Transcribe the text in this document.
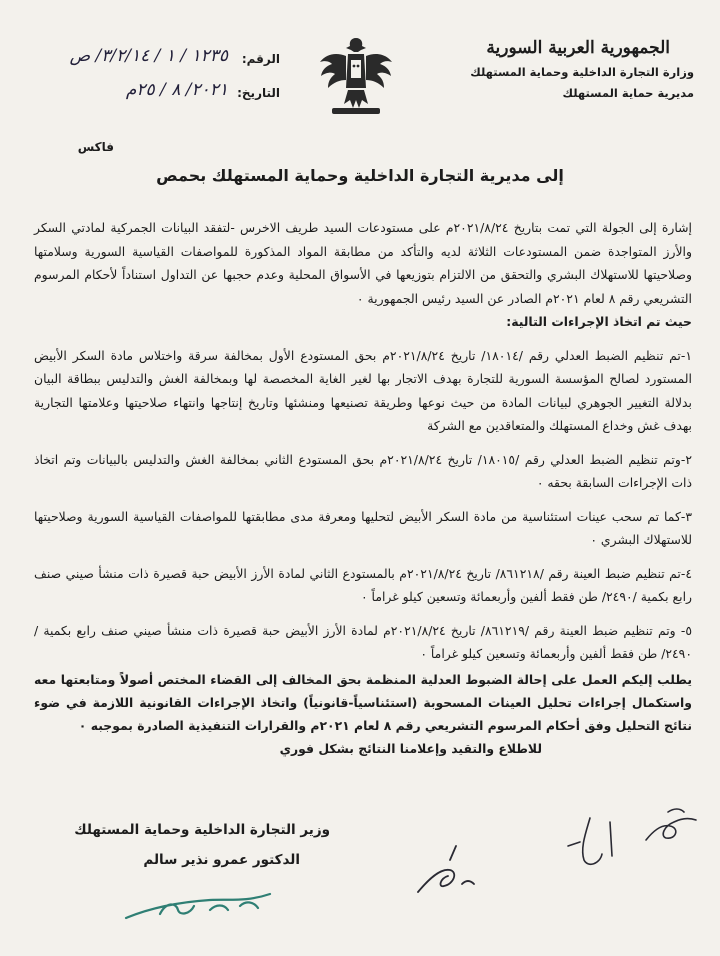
الجمهورية العربية السورية
وزارة التجارة الداخلية وحماية المستهلك
مديرية حماية المستهلك
الرقم:
١٢٣٥ / ١ / ٣/٢/١٤/ ص
التاريخ:
٢٠٢١/ ٨ / ٢٥م
فاكس
إلى مديرية التجارة الداخلية وحماية المستهلك بحمص

إشارة إلى الجولة التي تمت بتاريخ ٢٠٢١/٨/٢٤م على مستودعات السيد طريف الاخرس -لتفقد البيانات الجمركية لمادتي السكر والأرز المتواجدة ضمن المستودعات الثلاثة لديه والتأكد من مطابقة المواد المذكورة للمواصفات القياسية السورية وسلامتها وصلاحيتها للاستهلاك البشري والتحقق من الالتزام بتوزيعها في الأسواق المحلية وعدم حجبها عن التداول استناداً لأحكام المرسوم التشريعي رقم ٨ لعام ٢٠٢١م الصادر عن السيد رئيس الجمهورية ٠

حيث تم اتخاذ الإجراءات التالية:

١-تم تنظيم الضبط العدلي رقم /١٨٠١٤/ تاريخ ٢٠٢١/٨/٢٤م بحق المستودع الأول بمخالفة سرقة واختلاس مادة السكر الأبيض المستورد لصالح المؤسسة السورية للتجارة بهدف الاتجار بها لغير الغاية المخصصة لها وبمخالفة الغش والتدليس ببطاقة البيان بدلالة التغيير الجوهري لبيانات المادة من حيث نوعها وطريقة تصنيعها ومنشئها وتاريخ إنتاجها وانتهاء صلاحيتها وعلامتها التجارية بهدف غش وخداع المستهلك والمتعاقدين مع الشركة

٢-وتم تنظيم الضبط العدلي رقم /١٨٠١٥/ تاريخ ٢٠٢١/٨/٢٤م بحق المستودع الثاني بمخالفة الغش والتدليس بالبيانات وتم اتخاذ ذات الإجراءات السابقة بحقه ٠

٣-كما تم سحب عينات استئناسية من مادة السكر الأبيض لتحليها ومعرفة مدى مطابقتها للمواصفات القياسية السورية وصلاحيتها للاستهلاك البشري ٠

٤-تم تنظيم ضبط العينة رقم /٨٦١٢١٨/ تاريخ ٢٠٢١/٨/٢٤م بالمستودع الثاني لمادة الأرز الأبيض حبة قصيرة ذات منشأ صيني صنف رابع بكمية /٢٤٩٠/ طن فقط ألفين وأربعمائة وتسعين كيلو غراماً ٠

٥- وتم تنظيم ضبط العينة رقم /٨٦١٢١٩/ تاريخ ٢٠٢١/٨/٢٤م لمادة الأرز الأبيض حبة قصيرة ذات منشأ صيني صنف رابع بكمية /٢٤٩٠/ طن فقط ألفين وأربعمائة وتسعين كيلو غراماً ٠

يطلب إليكم العمل على إحالة الضبوط العدلية المنظمة بحق المخالف إلى القضاء المختص أصولاً ومتابعتها معه واستكمال إجراءات تحليل العينات المسحوبة (استئناسياً-قانونياً) واتخاذ الإجراءات القانونية اللازمة في ضوء نتائج التحليل وفق أحكام المرسوم التشريعي رقم ٨ لعام ٢٠٢١م والقرارات التنفيذية الصادرة بموجبه ٠

للاطلاع والتقيد وإعلامنا النتائج بشكل فوري

وزير التجارة الداخلية وحماية المستهلك
الدكتور عمرو نذير سالم
